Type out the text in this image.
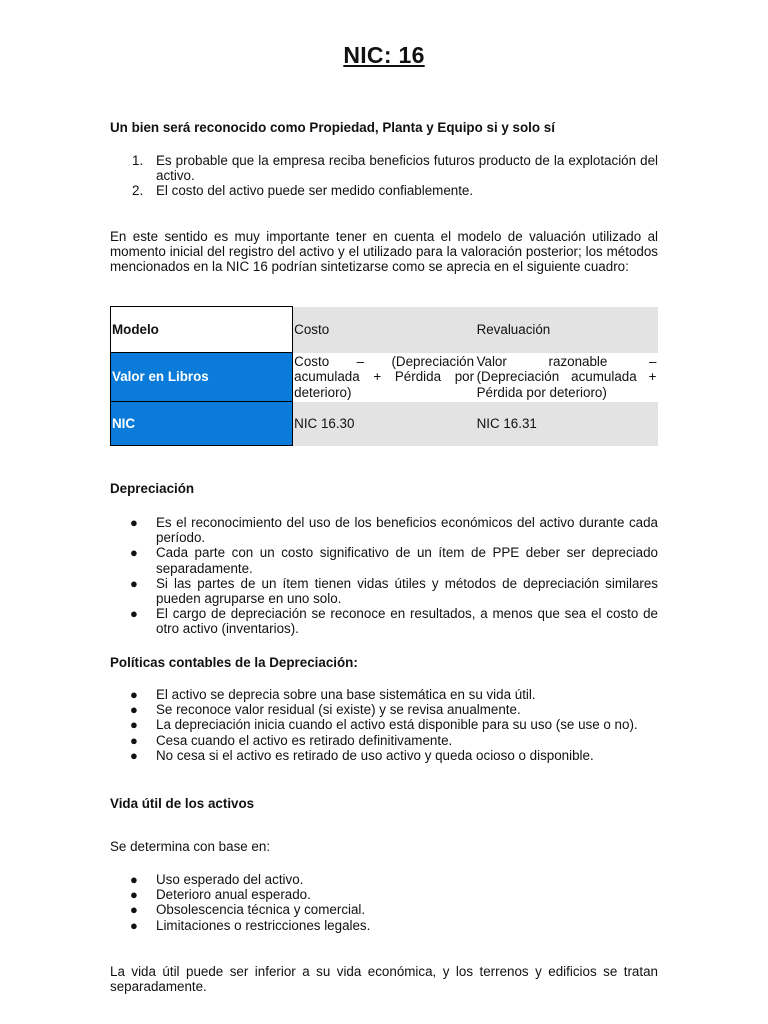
NIC: 16

Un bien será reconocido como Propiedad, Planta y Equipo si y solo sí

1. Es probable que la empresa reciba beneficios futuros producto de la explotación del activo.
2. El costo del activo puede ser medido confiablemente.

En este sentido es muy importante tener en cuenta el modelo de valuación utilizado al momento inicial del registro del activo y el utilizado para la valoración posterior; los métodos mencionados en la NIC 16 podrían sintetizarse como se aprecia en el siguiente cuadro:

Modelo	Costo	Revaluación
Valor en Libros	Costo – (Depreciación acumulada + Pérdida por deterioro)	Valor razonable – (Depreciación acumulada + Pérdida por deterioro)
NIC	NIC 16.30	NIC 16.31

Depreciación

●	Es el reconocimiento del uso de los beneficios económicos del activo durante cada período.
●	Cada parte con un costo significativo de un ítem de PPE deber ser depreciado separadamente.
●	Si las partes de un ítem tienen vidas útiles y métodos de depreciación similares pueden agruparse en uno solo.
●	El cargo de depreciación se reconoce en resultados, a menos que sea el costo de otro activo (inventarios).

Políticas contables de la Depreciación:

●	El activo se deprecia sobre una base sistemática en su vida útil.
●	Se reconoce valor residual (si existe) y se revisa anualmente.
●	La depreciación inicia cuando el activo está disponible para su uso (se use o no).
●	Cesa cuando el activo es retirado definitivamente.
●	No cesa si el activo es retirado de uso activo y queda ocioso o disponible.

Vida útil de los activos

Se determina con base en:

●	Uso esperado del activo.
●	Deterioro anual esperado.
●	Obsolescencia técnica y comercial.
●	Limitaciones o restricciones legales.

La vida útil puede ser inferior a su vida económica, y los terrenos y edificios se tratan separadamente.
